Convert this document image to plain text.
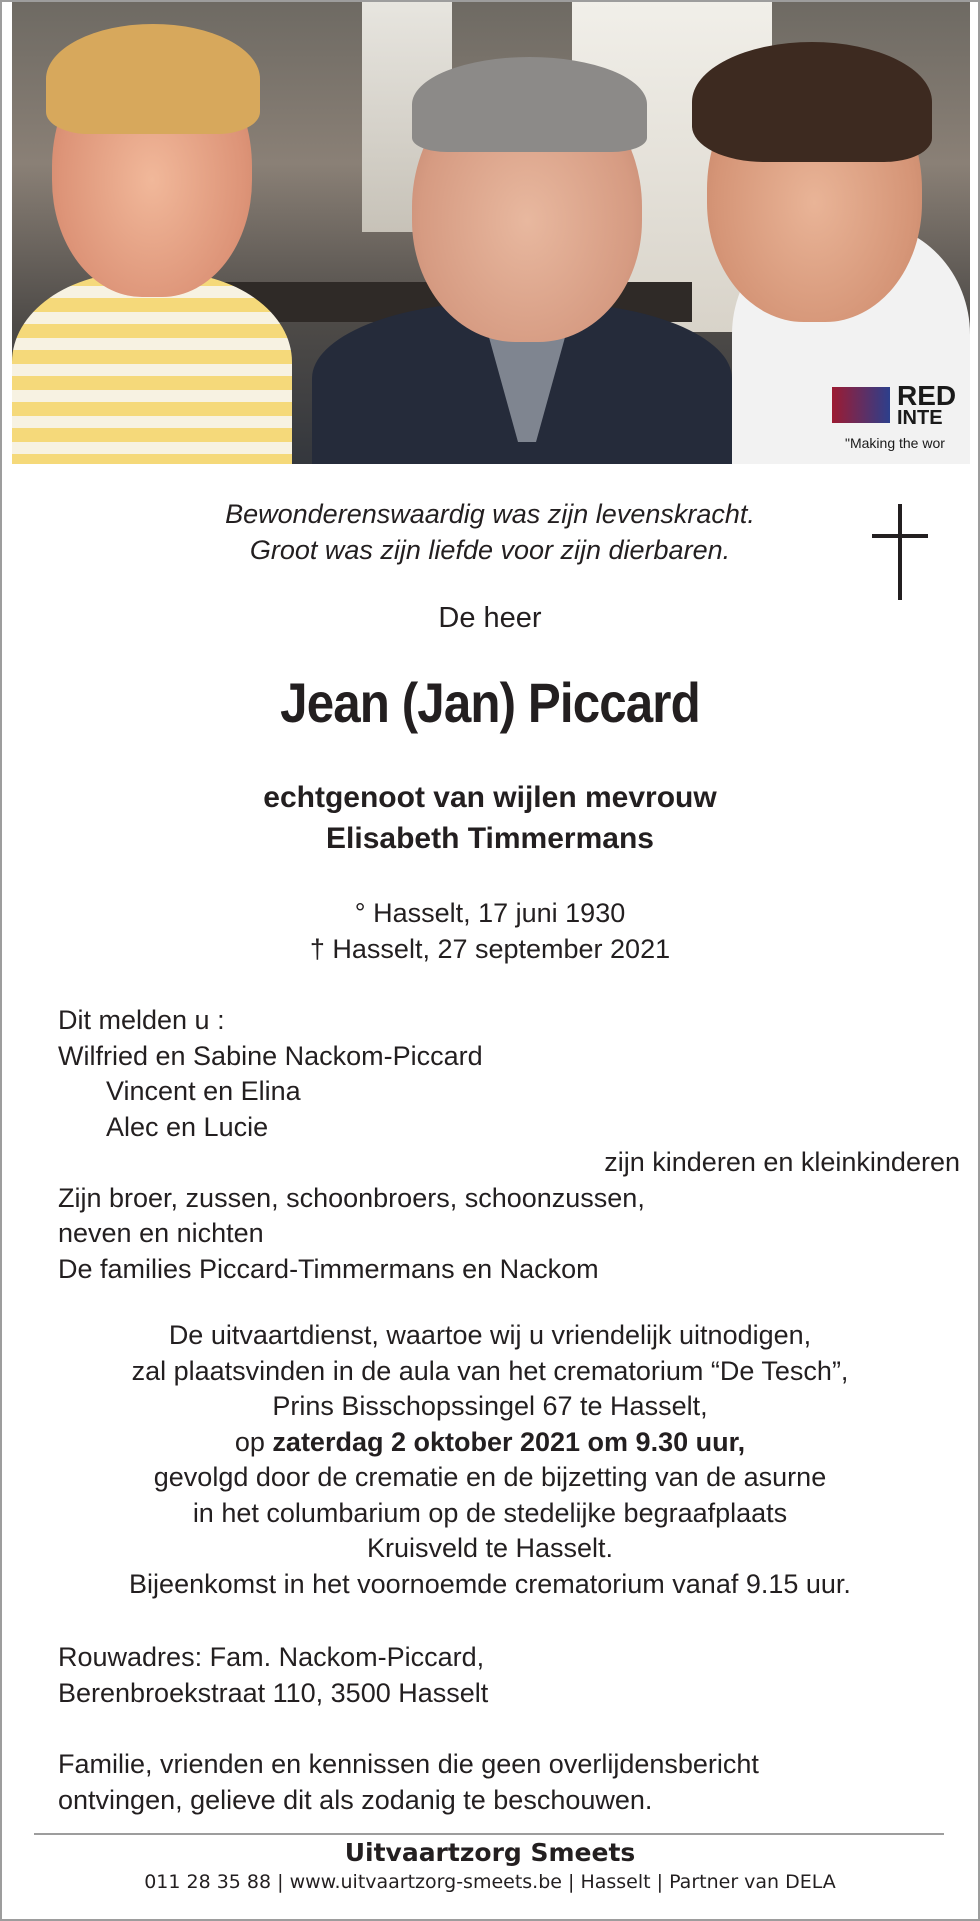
RED
INTE
"Making the wor
Bewonderenswaardig was zijn levenskracht.
Groot was zijn liefde voor zijn dierbaren.
De heer
Jean (Jan) Piccard
echtgenoot van wijlen mevrouw
Elisabeth Timmermans
° Hasselt, 17 juni 1930
† Hasselt, 27 september 2021
Dit melden u :
Wilfried en Sabine Nackom-Piccard
Vincent en Elina
Alec en Lucie
zijn kinderen en kleinkinderen
Zijn broer, zussen, schoonbroers, schoonzussen,
neven en nichten
De families Piccard-Timmermans en Nackom
De uitvaartdienst, waartoe wij u vriendelijk uitnodigen,
zal plaatsvinden in de aula van het crematorium “De Tesch”,
Prins Bisschopssingel 67 te Hasselt,
op zaterdag 2 oktober 2021 om 9.30 uur,
gevolgd door de crematie en de bijzetting van de asurne
in het columbarium op de stedelijke begraafplaats
Kruisveld te Hasselt.
Bijeenkomst in het voornoemde crematorium vanaf 9.15 uur.
Rouwadres: Fam. Nackom-Piccard,
Berenbroekstraat 110, 3500 Hasselt
Familie, vrienden en kennissen die geen overlijdensbericht
ontvingen, gelieve dit als zodanig te beschouwen.
Uitvaartzorg Smeets
011 28 35 88 | www.uitvaartzorg-smeets.be | Hasselt | Partner van DELA
